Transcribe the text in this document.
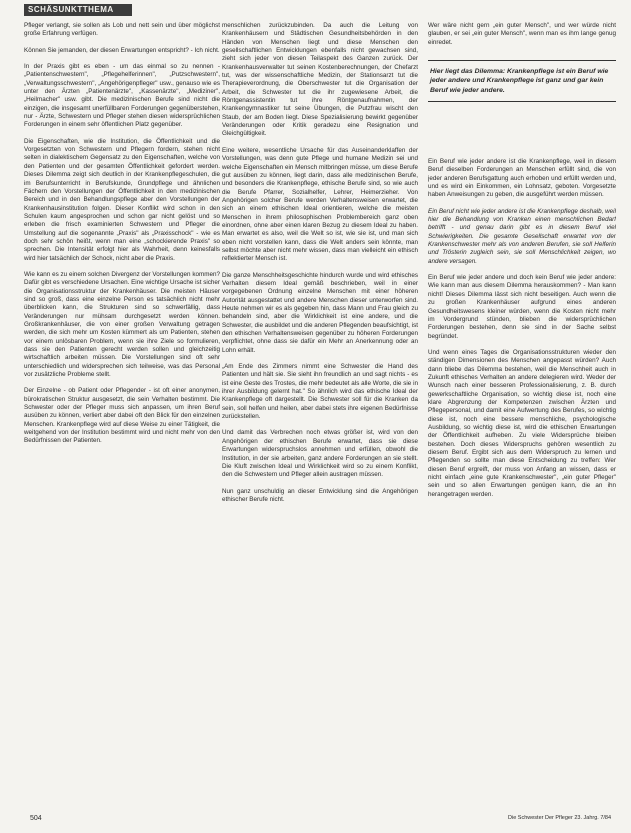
SCHÄSUNKTTHEMA

Pfleger verlangt, sie sollen als Lob und nett sein und über möglichst große Erfahrung verfügen.

Können Sie jemanden, der diesen Erwartungen entspricht? - Ich nicht.

In der Praxis gibt es eben - um das einmal so zu nennen - „Patientenschwestern", „Pflegehelferinnen", „Putzschwestern", „Verwaltungsschwestern", „Angehörigenpfleger" usw., genauso wie es unter den Ärzten „Patientenärzte", „Kassenärzte", „Mediziner", „Heilmacher" usw. gibt. Die medizinischen Berufe sind nicht die einzigen, die insgesamt unerfüllbaren Forderungen gegenüberstehen, nur - Ärzte, Schwestern und Pfleger stehen diesen widersprüchlichen Forderungen in einem sehr öffentlichen Platz gegenüber.

Die Eigenschaften, wie die Institution, die Öffentlichkeit und die Vorgesetzten von Schwestern und Pflegern fordern, stehen nicht selten in dialektischem Gegensatz zu den Eigenschaften, welche von den Patienten und der gesamten Öffentlichkeit gefordert werden. Dieses Dilemma zeigt sich deutlich in der Krankenpflegeschulen, die im Berufsunterricht in Berufskunde, Grundpflege und ähnlichen Fächern den Vorstellungen der Öffentlichkeit in den medizinischen Bereich und in den Behandlungspflege aber den Vorstellungen der Krankenhausinstitution folgen. Dieser Konflikt wird schon in den Schulen kaum angesprochen und schon gar nicht gelöst und so erleben die frisch examinierten Schwestern und Pfleger die Umstellung auf die sogenannte „Praxis" als „Praxisschock" - wie es doch sehr schön heißt, wenn man eine „schockierende Praxis" so sprechen. Die Intensität erfolgt hier als Wahrheit, denn keinesfalls wird hier tatsächlich der Schock, nicht aber die Praxis.

Wie kann es zu einem solchen Divergenz der Vorstellungen kommen? Dafür gibt es verschiedene Ursachen. Eine wichtige Ursache ist sicher die Organisationsstruktur der Krankenhäuser. Die meisten Häuser sind so groß, dass eine einzelne Person es tatsächlich nicht mehr überblicken kann, die Strukturen sind so schwerfällig, dass Veränderungen nur mühsam durchgesetzt werden können. Großkrankenhäuser, die von einer großen Verwaltung getragen werden, die sich mehr um Kosten kümmert als um Patienten, stehen vor einem unlösbaren Problem, wenn sie ihre Ziele so formulieren, dass sie den Patienten gerecht werden sollen und gleichzeitig wirtschaftlich arbeiten müssen. Die Vorstellungen sind oft sehr unterschiedlich und widersprechen sich teilweise, was das Personal vor zusätzliche Probleme stellt.

Der Einzelne - ob Patient oder Pflegender - ist oft einer anonymen, bürokratischen Struktur ausgesetzt, die sein Verhalten bestimmt. Die Schwester oder der Pfleger muss sich anpassen, um ihren Beruf ausüben zu können, verliert aber dabei oft den Blick für den einzelnen Menschen. Krankenpflege wird auf diese Weise zu einer Tätigkeit, die weitgehend von der Institution bestimmt wird und nicht mehr von den Bedürfnissen der Patienten.

menschlichen zurückzubinden. Da auch die Leitung von Krankenhäusern und Städtischen Gesundheitsbehörden in den Händen von Menschen liegt und diese Menschen den gesellschaftlichen Entwicklungen ebenfalls nicht gewachsen sind, zieht sich jeder von diesen Teilaspekt des Ganzen zurück. Der Krankenhausverwalter tut seinen Kostenberechnungen, der Chefarzt tut, was der wissenschaftliche Medizin, der Stationsarzt tut die Therapieverordnung, die Oberschwester tut die Organisation der Arbeit, die Schwester tut die ihr zugewiesene Arbeit, die Röntgenassistentin tut ihre Röntgenaufnahmen, der Krankengymnastiker tut seine Übungen, die Putzfrau wischt den Staub, der am Boden liegt. Diese Spezialisierung bewirkt gegenüber Veränderungen oder Kritik geradezu eine Resignation und Gleichgültigkeit.

Eine weitere, wesentliche Ursache für das Auseinanderklaffen der Vorstellungen, was denn gute Pflege und humane Medizin sei und welche Eigenschaften ein Mensch mitbringen müsse, um diese Berufe gut ausüben zu können, liegt darin, dass alle medizinischen Berufe, und besonders die Krankenpflege, ethische Berufe sind, so wie auch die Berufe Pfarrer, Sozialhelfer, Lehrer, Heimerzieher. Von Angehörigen solcher Berufe werden Verhaltensweisen erwartet, die sich an einem ethischen Ideal orientieren, welche die meisten Menschen in ihrem philosophischen Problembereich ganz oben einordnen, ohne aber einen klaren Bezug zu diesem Ideal zu haben. Man erwartet es also, weil die Welt so ist, wie sie ist, und man sich eben nicht vorstellen kann, dass die Welt anders sein könnte, man selbst möchte aber nicht mehr wissen, dass man vielleicht ein ethisch reflektierter Mensch ist.

Die ganze Menschheitsgeschichte hindurch wurde und wird ethisches Verhalten diesem Ideal gemäß beschrieben, weil in einer vorgegebenen Ordnung einzelne Menschen mit einer höheren Autorität ausgestattet und andere Menschen dieser unterworfen sind. Heute nehmen wir es als gegeben hin, dass Mann und Frau gleich zu behandeln sind, aber die Wirklichkeit ist eine andere, und die Schwester, die ausbildet und die anderen Pflegenden beaufsichtigt, ist den ethischen Verhaltensweisen gegenüber zu höheren Forderungen verpflichtet, ohne dass sie dafür ein Mehr an Anerkennung oder an Lohn erhält.

„Am Ende des Zimmers nimmt eine Schwester die Hand des Patienten und hält sie. Sie sieht ihn freundlich an und sagt nichts - es ist eine Geste des Trostes, die mehr bedeutet als alle Worte, die sie in ihrer Ausbildung gelernt hat." So ähnlich wird das ethische Ideal der Krankenpflege oft dargestellt. Die Schwester soll für die Kranken da sein, soll helfen und heilen, aber dabei stets ihre eigenen Bedürfnisse zurückstellen.

Und damit das Verbrechen noch etwas größer ist, wird von den Angehörigen der ethischen Berufe erwartet, dass sie diese Erwartungen widerspruchslos annehmen und erfüllen, obwohl die Institution, in der sie arbeiten, ganz andere Forderungen an sie stellt. Die Kluft zwischen Ideal und Wirklichkeit wird so zu einem Konflikt, den die Schwestern und Pfleger allein austragen müssen.

Nun ganz unschuldig an dieser Entwicklung sind die Angehörigen ethischer Berufe nicht.

Wer wäre nicht gern „ein guter Mensch", und wer würde nicht glauben, er sei „ein guter Mensch", wenn man es ihm lange genug einredet.
Hier liegt das Dilemma: Krankenpflege ist ein Beruf wie jeder andere und Krankenpflege ist ganz und gar kein Beruf wie jeder andere.

Ein Beruf wie jeder andere ist die Krankenpflege, weil in diesem Beruf dieselben Forderungen an Menschen erfüllt sind, die von jeder anderen Berufsgattung auch erhoben und erfüllt werden und, und es wird ein Einkommen, ein Lohnsatz, geboten. Vorgesetzte haben Anweisungen zu geben, die ausgeführt werden müssen.

Ein Beruf nicht wie jeder andere ist die Krankenpflege deshalb, weil hier die Behandlung von Kranken einen menschlichen Bedarf betrifft - und genau darin gibt es in diesem Beruf viel Schwierigkeiten. Die gesamte Gesellschaft erwartet von der Krankenschwester mehr als von anderen Berufen, sie soll Helferin und Trösterin zugleich sein, sie soll Menschlichkeit zeigen, wo andere versagen.

Ein Beruf wie jeder andere und doch kein Beruf wie jeder andere: Wie kann man aus diesem Dilemma herauskommen? - Man kann nicht! Dieses Dilemma lässt sich nicht beseitigen. Auch wenn die zu großen Krankenhäuser aufgrund eines anderen Gesundheitswesens kleiner würden, wenn die Kosten nicht mehr im Vordergrund stünden, blieben die widersprüchlichen Forderungen bestehen, denn sie sind in der Sache selbst begründet.

Und wenn eines Tages die Organisationsstrukturen wieder den ständigen Dimensionen des Menschen angepasst würden? Auch dann bliebe das Dilemma bestehen, weil die Menschheit auch in Zukunft ethisches Verhalten an andere delegieren wird. Weder der Wunsch nach einer besseren Professionalisierung, z. B. durch gewerkschaftliche Organisation, so wichtig diese ist, noch eine klare Abgrenzung der Kompetenzen zwischen Ärzten und Pflegepersonal, und damit eine Aufwertung des Berufes, so wichtig diese ist, noch eine bessere menschliche, psychologische Ausbildung, so wichtig diese ist, wird die ethischen Erwartungen der Öffentlichkeit aufheben. Zu viele Widersprüche bleiben bestehen. Doch dieses Widerspruchs gehören wesentlich zu diesem Beruf. Ergibt sich aus dem Widerspruch zu lernen und Pflegenden so sollte man diese Entscheidung zu treffen: Wer diesen Beruf ergreift, der muss von Anfang an wissen, dass er nicht einfach „eine gute Krankenschwester", „ein guter Pfleger" sein und so allen Erwartungen genügen kann, die an ihn herangetragen werden.

504	Die Schwester Der Pfleger 23. Jahrg. 7/84
